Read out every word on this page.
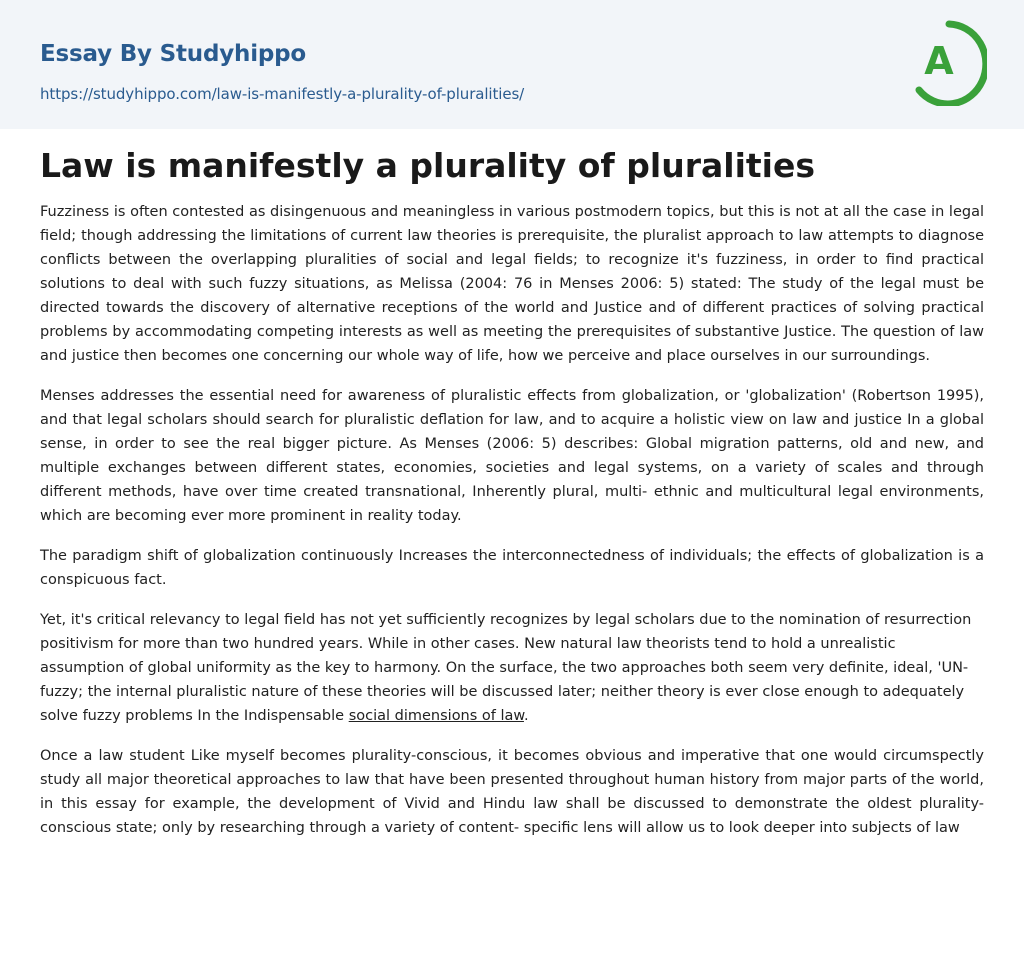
Essay By Studyhippo
https://studyhippo.com/law-is-manifestly-a-plurality-of-pluralities/
A
Law is manifestly a plurality of pluralities

Fuzziness is often contested as disingenuous and meaningless in various postmodern topics, but this is not at all the case in legal field; though addressing the limitations of current law theories is prerequisite, the pluralist approach to law attempts to diagnose conflicts between the overlapping pluralities of social and legal fields; to recognize it's fuzziness, in order to find practical solutions to deal with such fuzzy situations, as Melissa (2004: 76 in Menses 2006: 5) stated: The study of the legal must be directed towards the discovery of alternative receptions of the world and Justice and of different practices of solving practical problems by accommodating competing interests as well as meeting the prerequisites of substantive Justice. The question of law and justice then becomes one concerning our whole way of life, how we perceive and place ourselves in our surroundings.

Menses addresses the essential need for awareness of pluralistic effects from globalization, or 'globalization' (Robertson 1995), and that legal scholars should search for pluralistic deflation for law, and to acquire a holistic view on law and justice In a global sense, in order to see the real bigger picture. As Menses (2006: 5) describes: Global migration patterns, old and new, and multiple exchanges between different states, economies, societies and legal systems, on a variety of scales and through different methods, have over time created transnational, Inherently plural, multi- ethnic and multicultural legal environments, which are becoming ever more prominent in reality today.

The paradigm shift of globalization continuously Increases the interconnectedness of individuals; the effects of globalization is a conspicuous fact.

Yet, it's critical relevancy to legal field has not yet sufficiently recognizes by legal scholars due to the nomination of resurrection positivism for more than two hundred years. While in other cases. New natural law theorists tend to hold a unrealistic assumption of global uniformity as the key to harmony. On the surface, the two approaches both seem very definite, ideal, 'UN-fuzzy; the internal pluralistic nature of these theories will be discussed later; neither theory is ever close enough to adequately solve fuzzy problems In the Indispensable social dimensions of law.

Once a law student Like myself becomes plurality-conscious, it becomes obvious and imperative that one would circumspectly study all major theoretical approaches to law that have been presented throughout human history from major parts of the world, in this essay for example, the development of Vivid and Hindu law shall be discussed to demonstrate the oldest plurality-conscious state; only by researching through a variety of content- specific lens will allow us to look deeper into subjects of law
